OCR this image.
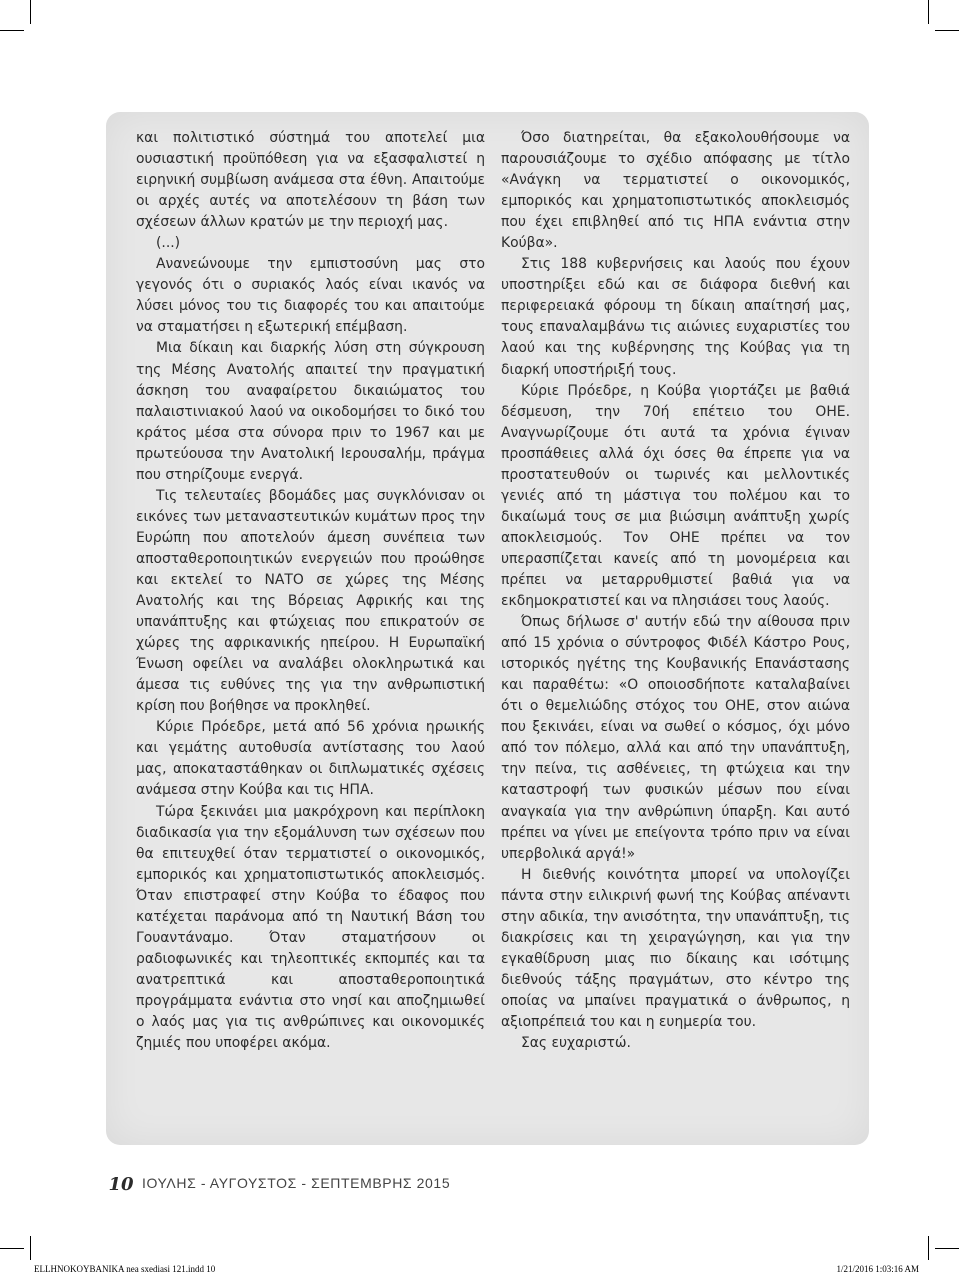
και πολιτιστικό σύστημά του αποτελεί μια ουσιαστική προϋπόθεση για να εξασφαλιστεί η ειρηνική συμβίωση ανάμεσα στα έθνη. Απαιτούμε οι αρχές αυτές να αποτελέσουν τη βάση των σχέσεων άλλων κρατών με την περιοχή μας.

(...)

Ανανεώνουμε την εμπιστοσύνη μας στο γεγονός ότι ο συριακός λαός είναι ικανός να λύσει μόνος του τις διαφορές του και απαιτούμε να σταματήσει η εξωτερική επέμβαση.

Μια δίκαιη και διαρκής λύση στη σύγκρουση της Μέσης Ανατολής απαιτεί την πραγματική άσκηση του αναφαίρετου δικαιώματος του παλαιστινιακού λαού να οικοδομήσει το δικό του κράτος μέσα στα σύνορα πριν το 1967 και με πρωτεύουσα την Ανατολική Ιερουσαλήμ, πράγμα που στηρίζουμε ενεργά.

Τις τελευταίες βδομάδες μας συγκλόνισαν οι εικόνες των μεταναστευτικών κυμάτων προς την Ευρώπη που αποτελούν άμεση συνέπεια των αποσταθεροποιητικών ενεργειών που προώθησε και εκτελεί το ΝΑΤΟ σε χώρες της Μέσης Ανατολής και της Βόρειας Αφρικής και της υπανάπτυξης και φτώχειας που επικρατούν σε χώρες της αφρικανικής ηπείρου. Η Ευρωπαϊκή Ένωση οφείλει να αναλάβει ολοκληρωτικά και άμεσα τις ευθύνες της για την ανθρωπιστική κρίση που βοήθησε να προκληθεί.

Κύριε Πρόεδρε, μετά από 56 χρόνια ηρωικής και γεμάτης αυτοθυσία αντίστασης του λαού μας, αποκαταστάθηκαν οι διπλωματικές σχέσεις ανάμεσα στην Κούβα και τις ΗΠΑ.

Τώρα ξεκινάει μια μακρόχρονη και περίπλοκη διαδικασία για την εξομάλυνση των σχέσεων που θα επιτευχθεί όταν τερματιστεί ο οικονομικός, εμπορικός και χρηματοπιστωτικός αποκλεισμός. Όταν επιστραφεί στην Κούβα το έδαφος που κατέχεται παράνομα από τη Ναυτική Βάση του Γουαντάναμο. Όταν σταματήσουν οι ραδιοφωνικές και τηλεοπτικές εκπομπές και τα ανατρεπτικά και αποσταθεροποιητικά προγράμματα ενάντια στο νησί και αποζημιωθεί ο λαός μας για τις ανθρώπινες και οικονομικές ζημιές που υποφέρει ακόμα.

Όσο διατηρείται, θα εξακολουθήσουμε να παρουσιάζουμε το σχέδιο απόφασης με τίτλο «Ανάγκη να τερματιστεί ο οικονομικός, εμπορικός και χρηματοπιστωτικός αποκλεισμός που έχει επιβληθεί από τις ΗΠΑ ενάντια στην Κούβα».

Στις 188 κυβερνήσεις και λαούς που έχουν υποστηρίξει εδώ και σε διάφορα διεθνή και περιφερειακά φόρουμ τη δίκαιη απαίτησή μας, τους επαναλαμβάνω τις αιώνιες ευχαριστίες του λαού και της κυβέρνησης της Κούβας για τη διαρκή υποστήριξή τους.

Κύριε Πρόεδρε, η Κούβα γιορτάζει με βαθιά δέσμευση, την 70ή επέτειο του ΟΗΕ. Αναγνωρίζουμε ότι αυτά τα χρόνια έγιναν προσπάθειες αλλά όχι όσες θα έπρεπε για να προστατευθούν οι τωρινές και μελλοντικές γενιές από τη μάστιγα του πολέμου και το δικαίωμά τους σε μια βιώσιμη ανάπτυξη χωρίς αποκλεισμούς. Τον ΟΗΕ πρέπει να τον υπερασπίζεται κανείς από τη μονομέρεια και πρέπει να μεταρρυθμιστεί βαθιά για να εκδημοκρατιστεί και να πλησιάσει τους λαούς.

Όπως δήλωσε σ' αυτήν εδώ την αίθουσα πριν από 15 χρόνια ο σύντροφος Φιδέλ Κάστρο Ρους, ιστορικός ηγέτης της Κουβανικής Επανάστασης και παραθέτω: «Ο οποιοσδήποτε καταλαβαίνει ότι ο θεμελιώδης στόχος του ΟΗΕ, στον αιώνα που ξεκινάει, είναι να σωθεί ο κόσμος, όχι μόνο από τον πόλεμο, αλλά και από την υπανάπτυξη, την πείνα, τις ασθένειες, τη φτώχεια και την καταστροφή των φυσικών μέσων που είναι αναγκαία για την ανθρώπινη ύπαρξη. Και αυτό πρέπει να γίνει με επείγοντα τρόπο πριν να είναι υπερβολικά αργά!»

Η διεθνής κοινότητα μπορεί να υπολογίζει πάντα στην ειλικρινή φωνή της Κούβας απέναντι στην αδικία, την ανισότητα, την υπανάπτυξη, τις διακρίσεις και τη χειραγώγηση, και για την εγκαθίδρυση μιας πιο δίκαιης και ισότιμης διεθνούς τάξης πραγμάτων, στο κέντρο της οποίας να μπαίνει πραγματικά ο άνθρωπος, η αξιοπρέπειά του και η ευημερία του.

Σας ευχαριστώ.

10 ΙΟΥΛΗΣ - ΑΥΓΟΥΣΤΟΣ - ΣΕΠΤΕΜΒΡΗΣ 2015
ELLHNOKOYBANIKA nea sxediasi 121.indd 10	1/21/2016 1:03:16 AM
